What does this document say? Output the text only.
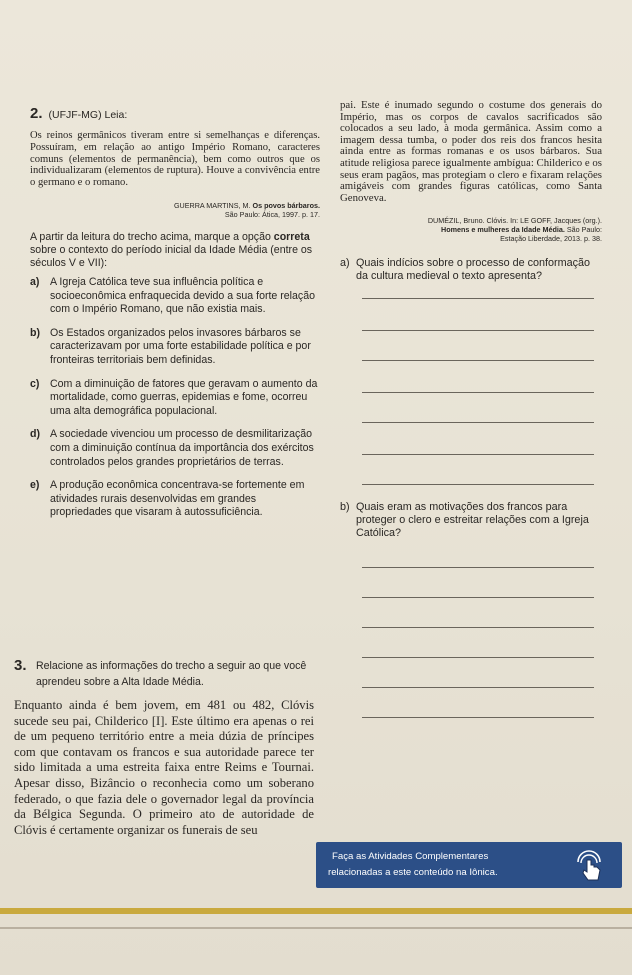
2. (UFJF-MG) Leia:
Os reinos germânicos tiveram entre si semelhanças e diferenças. Possuíram, em relação ao antigo Império Romano, caracteres comuns (elementos de permanência), bem como outros que os individualizaram (elementos de ruptura). Houve a convivência entre o germano e o romano.
GUERRA MARTINS, M. Os povos bárbaros.
São Paulo: Ática, 1997. p. 17.
A partir da leitura do trecho acima, marque a opção correta sobre o contexto do período inicial da Idade Média (entre os séculos V e VII):
a) A Igreja Católica teve sua influência política e socioeconômica enfraquecida devido a sua forte relação com o Império Romano, que não existia mais.
b) Os Estados organizados pelos invasores bárbaros se caracterizavam por uma forte estabilidade política e por fronteiras territoriais bem definidas.
c) Com a diminuição de fatores que geravam o aumento da mortalidade, como guerras, epidemias e fome, ocorreu uma alta demográfica populacional.
d) A sociedade vivenciou um processo de desmilitarização com a diminuição contínua da importância dos exércitos controlados pelos grandes proprietários de terras.
e) A produção econômica concentrava-se fortemente em atividades rurais desenvolvidas em grandes propriedades que visaram à autossuficiência.
pai. Este é inumado segundo o costume dos generais do Império, mas os corpos de cavalos sacrificados são colocados a seu lado, à moda germânica. Assim como a imagem dessa tumba, o poder dos reis dos francos hesita ainda entre as formas romanas e os usos bárbaros. Sua atitude religiosa parece igualmente ambígua: Childerico e os seus eram pagãos, mas protegiam o clero e fixaram relações amigáveis com grandes figuras católicas, como Santa Genoveva.
DUMÉZIL, Bruno. Clóvis. In: LE GOFF, Jacques (org.).
Homens e mulheres da Idade Média. São Paulo:
Estação Liberdade, 2013. p. 38.
a) Quais indícios sobre o processo de conformação da cultura medieval o texto apresenta?
b) Quais eram as motivações dos francos para proteger o clero e estreitar relações com a Igreja Católica?
3. Relacione as informações do trecho a seguir ao que você aprendeu sobre a Alta Idade Média.
Enquanto ainda é bem jovem, em 481 ou 482, Clóvis sucede seu pai, Childerico [I]. Este último era apenas o rei de um pequeno território entre a meia dúzia de príncipes com que contavam os francos e sua autoridade parece ter sido limitada a uma estreita faixa entre Reims e Tournai. Apesar disso, Bizâncio o reconhecia como um soberano federado, o que fazia dele o governador legal da província da Bélgica Segunda. O primeiro ato de autoridade de Clóvis é certamente organizar os funerais de seu
Faça as Atividades Complementares
relacionadas a este conteúdo na Iônica.
